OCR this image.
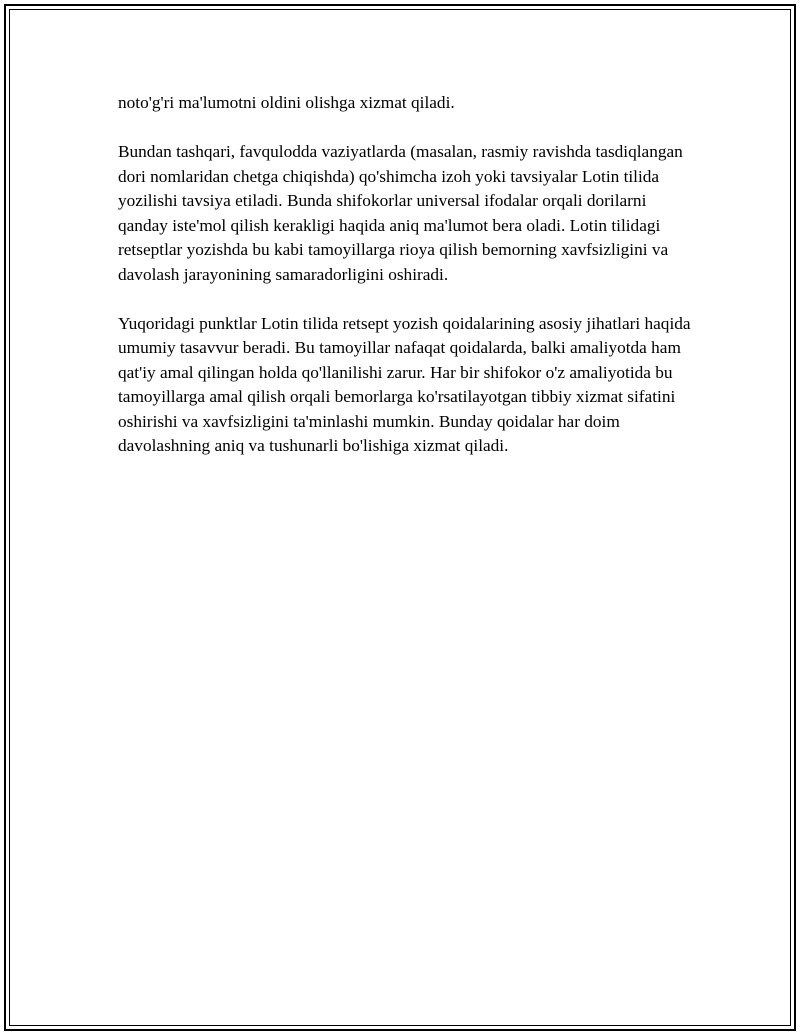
noto'g'ri ma'lumotni oldini olishga xizmat qiladi.

Bundan tashqari, favqulodda vaziyatlarda (masalan, rasmiy ravishda tasdiqlangan dori nomlaridan chetga chiqishda) qo'shimcha izoh yoki tavsiyalar Lotin tilida yozilishi tavsiya etiladi. Bunda shifokorlar universal ifodalar orqali dorilarni qanday iste'mol qilish kerakligi haqida aniq ma'lumot bera oladi. Lotin tilidagi retseptlar yozishda bu kabi tamoyillarga rioya qilish bemorning xavfsizligini va davolash jarayonining samaradorligini oshiradi.

Yuqoridagi punktlar Lotin tilida retsept yozish qoidalarining asosiy jihatlari haqida umumiy tasavvur beradi. Bu tamoyillar nafaqat qoidalarda, balki amaliyotda ham qat'iy amal qilingan holda qo'llanilishi zarur. Har bir shifokor o'z amaliyotida bu tamoyillarga amal qilish orqali bemorlarga ko'rsatilayotgan tibbiy xizmat sifatini oshirishi va xavfsizligini ta'minlashi mumkin. Bunday qoidalar har doim davolashning aniq va tushunarli bo'lishiga xizmat qiladi.
